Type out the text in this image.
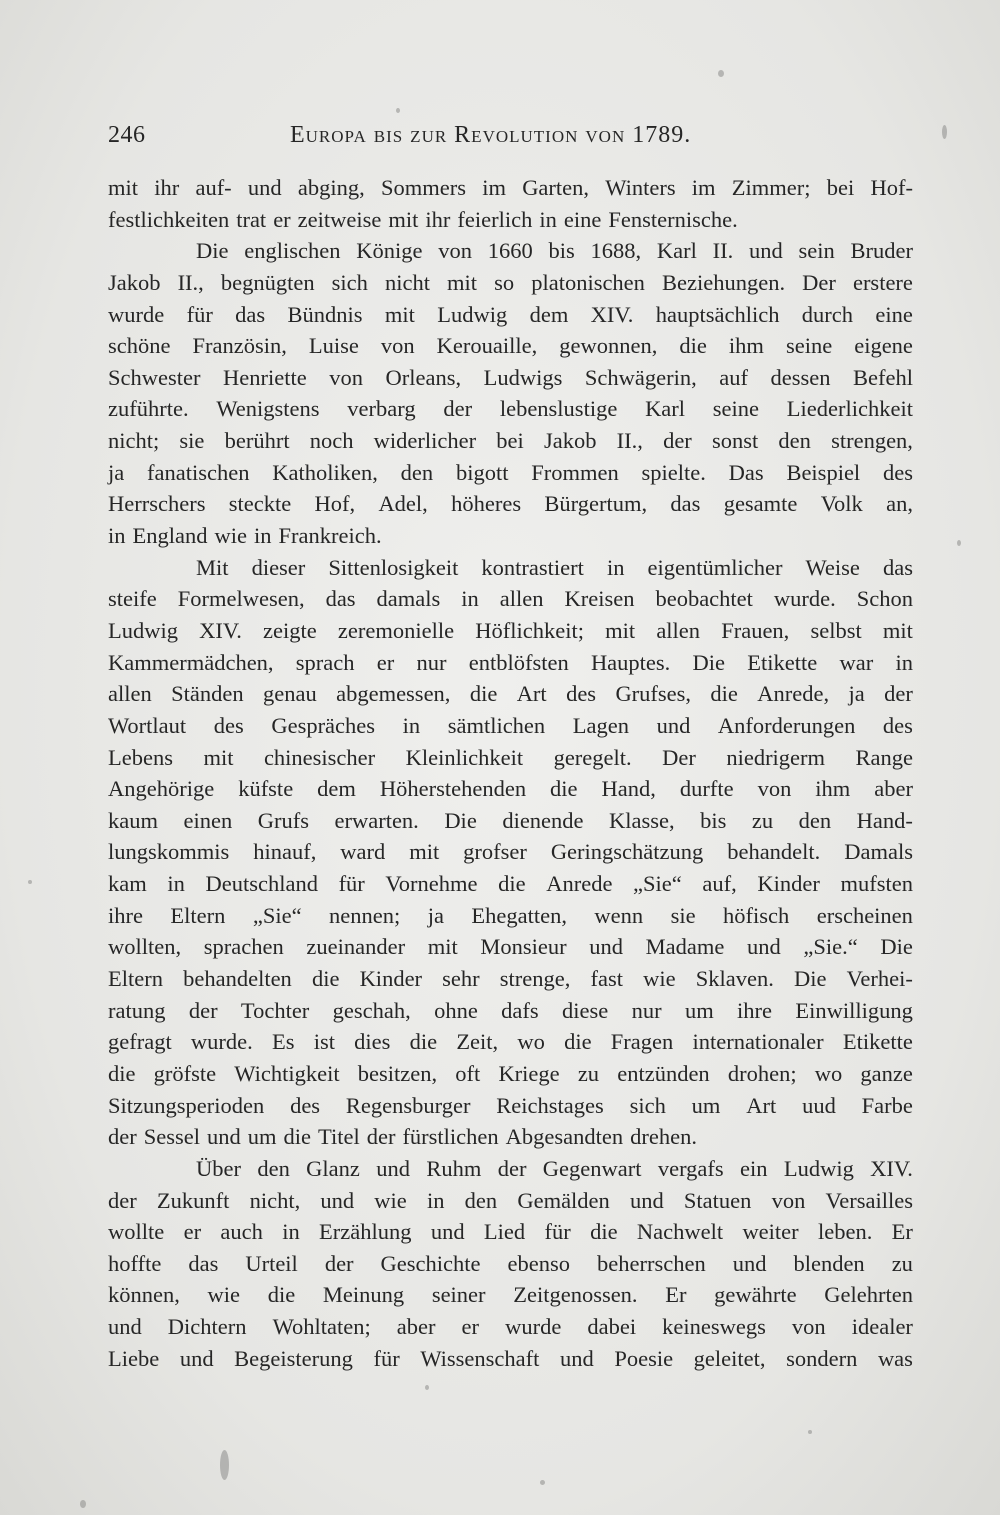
246	Europa bis zur Revolution von 1789.
mit ihr auf- und abging, Sommers im Garten, Winters im Zimmer; bei Hof-
festlichkeiten trat er zeitweise mit ihr feierlich in eine Fensternische.
Die englischen Könige von 1660 bis 1688, Karl II. und sein Bruder
Jakob II., begnügten sich nicht mit so platonischen Beziehungen. Der erstere
wurde für das Bündnis mit Ludwig dem XIV. hauptsächlich durch eine
schöne Französin, Luise von Kerouaille, gewonnen, die ihm seine eigene
Schwester Henriette von Orleans, Ludwigs Schwägerin, auf dessen Befehl
zuführte. Wenigstens verbarg der lebenslustige Karl seine Liederlichkeit
nicht; sie berührt noch widerlicher bei Jakob II., der sonst den strengen,
ja fanatischen Katholiken, den bigott Frommen spielte. Das Beispiel des
Herrschers steckte Hof, Adel, höheres Bürgertum, das gesamte Volk an,
in England wie in Frankreich.
Mit dieser Sittenlosigkeit kontrastiert in eigentümlicher Weise das
steife Formelwesen, das damals in allen Kreisen beobachtet wurde. Schon
Ludwig XIV. zeigte zeremonielle Höflichkeit; mit allen Frauen, selbst mit
Kammermädchen, sprach er nur entblöfsten Hauptes. Die Etikette war in
allen Ständen genau abgemessen, die Art des Grufses, die Anrede, ja der
Wortlaut des Gespräches in sämtlichen Lagen und Anforderungen des
Lebens mit chinesischer Kleinlichkeit geregelt. Der niedrigerm Range
Angehörige küfste dem Höherstehenden die Hand, durfte von ihm aber
kaum einen Grufs erwarten. Die dienende Klasse, bis zu den Hand-
lungskommis hinauf, ward mit grofser Geringschätzung behandelt. Damals
kam in Deutschland für Vornehme die Anrede „Sie“ auf, Kinder mufsten
ihre Eltern „Sie“ nennen; ja Ehegatten, wenn sie höfisch erscheinen
wollten, sprachen zueinander mit Monsieur und Madame und „Sie.“ Die
Eltern behandelten die Kinder sehr strenge, fast wie Sklaven. Die Verhei-
ratung der Tochter geschah, ohne dafs diese nur um ihre Einwilligung
gefragt wurde. Es ist dies die Zeit, wo die Fragen internationaler Etikette
die gröfste Wichtigkeit besitzen, oft Kriege zu entzünden drohen; wo ganze
Sitzungsperioden des Regensburger Reichstages sich um Art uud Farbe
der Sessel und um die Titel der fürstlichen Abgesandten drehen.
Über den Glanz und Ruhm der Gegenwart vergafs ein Ludwig XIV.
der Zukunft nicht, und wie in den Gemälden und Statuen von Versailles
wollte er auch in Erzählung und Lied für die Nachwelt weiter leben. Er
hoffte das Urteil der Geschichte ebenso beherrschen und blenden zu
können, wie die Meinung seiner Zeitgenossen. Er gewährte Gelehrten
und Dichtern Wohltaten; aber er wurde dabei keineswegs von idealer
Liebe und Begeisterung für Wissenschaft und Poesie geleitet, sondern was
